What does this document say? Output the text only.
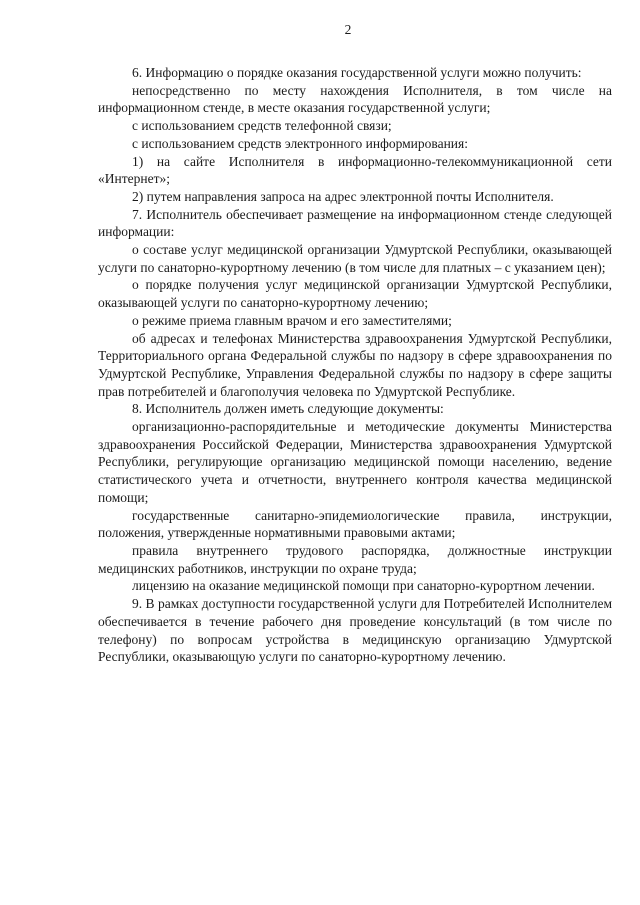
2

6. Информацию о порядке оказания государственной услуги можно получить:

непосредственно по месту нахождения Исполнителя, в том числе на информационном стенде, в месте оказания государственной услуги;

с использованием средств телефонной связи;

с использованием средств электронного информирования:

1) на сайте Исполнителя в информационно-телекоммуникационной сети «Интернет»;

2) путем направления запроса на адрес электронной почты Исполнителя.

7. Исполнитель обеспечивает размещение на информационном стенде следующей информации:

о составе услуг медицинской организации Удмуртской Республики, оказывающей услуги по санаторно-курортному лечению (в том числе для платных – с указанием цен);

о порядке получения услуг медицинской организации Удмуртской Республики, оказывающей услуги по санаторно-курортному лечению;

о режиме приема главным врачом и его заместителями;

об адресах и телефонах Министерства здравоохранения Удмуртской Республики, Территориального органа Федеральной службы по надзору в сфере здравоохранения по Удмуртской Республике, Управления Федеральной службы по надзору в сфере защиты прав потребителей и благополучия человека по Удмуртской Республике.

8. Исполнитель должен иметь следующие документы:

организационно-распорядительные и методические документы Министерства здравоохранения Российской Федерации, Министерства здравоохранения Удмуртской Республики, регулирующие организацию медицинской помощи населению, ведение статистического учета и отчетности, внутреннего контроля качества медицинской помощи;

государственные санитарно-эпидемиологические правила, инструкции, положения, утвержденные нормативными правовыми актами;

правила внутреннего трудового распорядка, должностные инструкции медицинских работников, инструкции по охране труда;

лицензию на оказание медицинской помощи при санаторно-курортном лечении.

9. В рамках доступности государственной услуги для Потребителей Исполнителем обеспечивается в течение рабочего дня проведение консультаций (в том числе по телефону) по вопросам устройства в медицинскую организацию Удмуртской Республики, оказывающую услуги по санаторно-курортному лечению.
